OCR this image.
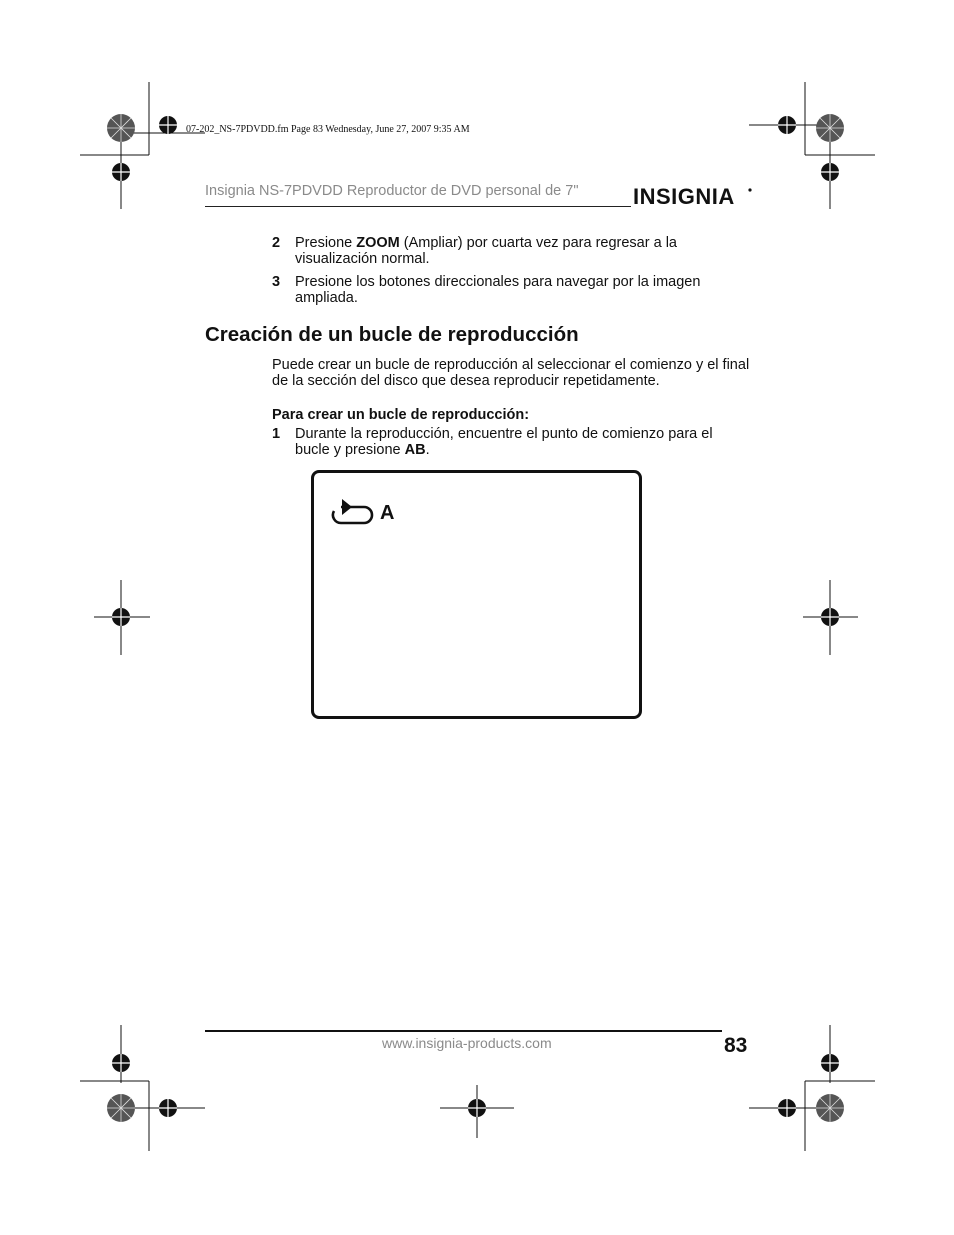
07-202_NS-7PDVDD.fm Page 83 Wednesday, June 27, 2007 9:35 AM
Insignia NS-7PDVDD Reproductor de DVD personal de 7" INSIGNIA
2 Presione ZOOM (Ampliar) por cuarta vez para regresar a la visualización normal.
3 Presione los botones direccionales para navegar por la imagen ampliada.
Creación de un bucle de reproducción
Puede crear un bucle de reproducción al seleccionar el comienzo y el final de la sección del disco que desea reproducir repetidamente.
Para crear un bucle de reproducción:
1 Durante la reproducción, encuentre el punto de comienzo para el bucle y presione AB.
A
www.insignia-products.com	83
